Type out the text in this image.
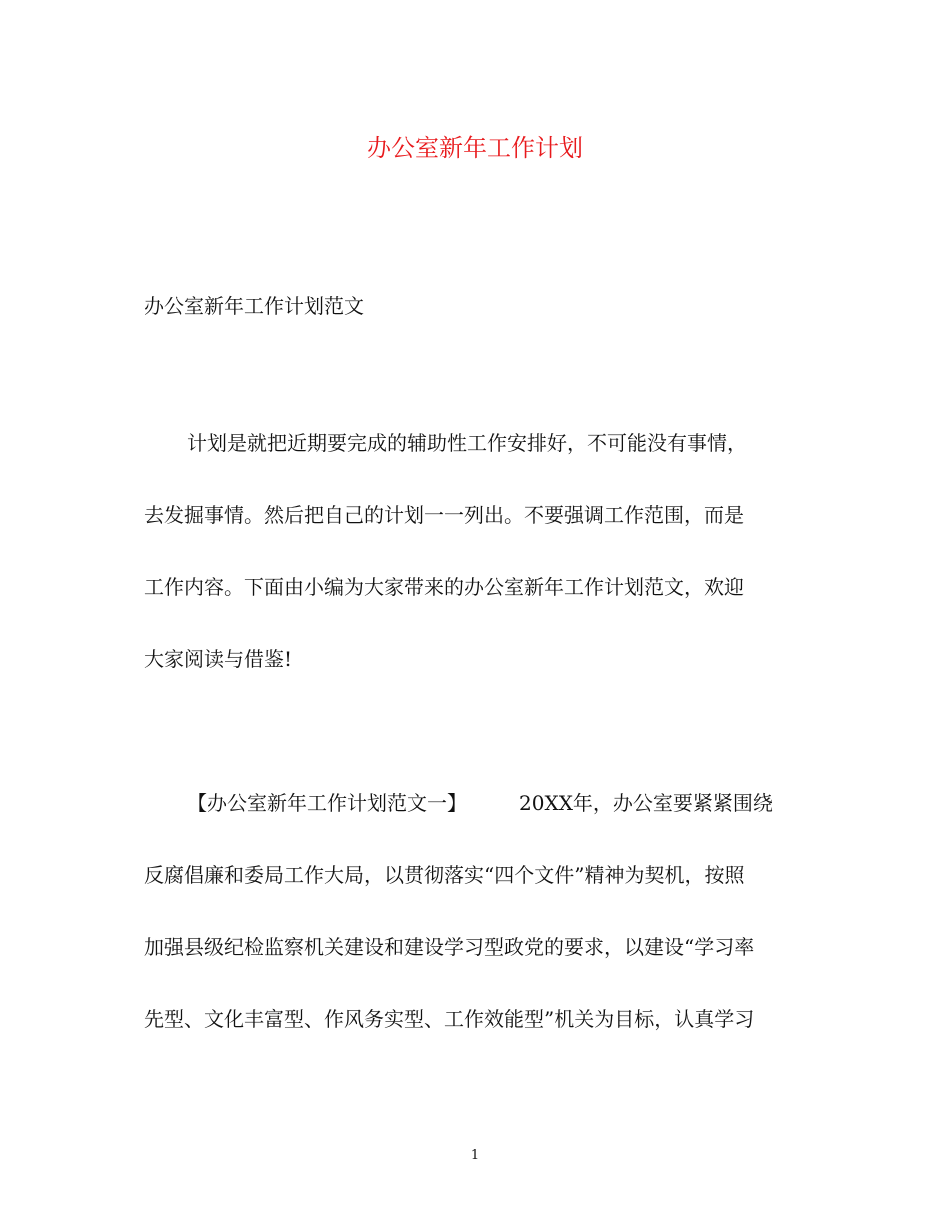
办公室新年工作计划

办公室新年工作计划范文

计划是就把近期要完成的辅助性工作安排好，不可能没有事情，
去发掘事情。然后把自己的计划一一列出。不要强调工作范围，而是
工作内容。下面由小编为大家带来的办公室新年工作计划范文，欢迎
大家阅读与借鉴!
【办公室新年工作计划范文一】	20XX年，办公室要紧紧围绕
反腐倡廉和委局工作大局，以贯彻落实“四个文件”精神为契机，按照
加强县级纪检监察机关建设和建设学习型政党的要求，以建设“学习率
先型、文化丰富型、作风务实型、工作效能型”机关为目标，认真学习
1
